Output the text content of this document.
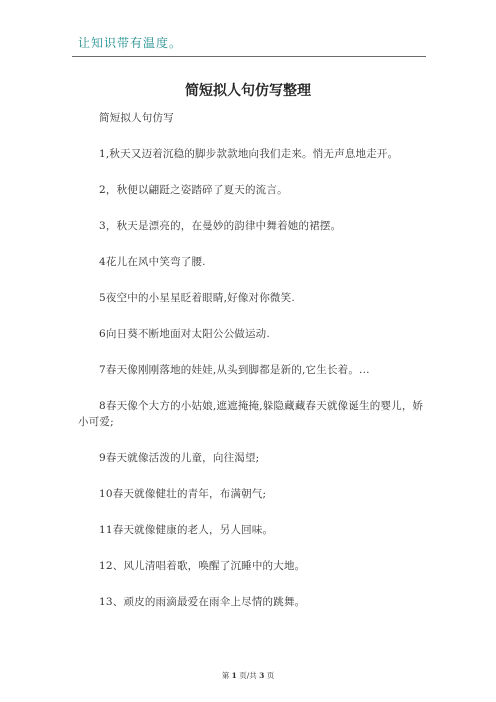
让知识带有温度。
简短拟人句仿写整理

简短拟人句仿写

1,秋天又迈着沉稳的脚步款款地向我们走来。悄无声息地走开。

2，秋便以翩跹之姿踏碎了夏天的流言。

3，秋天是漂亮的，在曼妙的韵律中舞着她的裙摆。

4花儿在风中笑弯了腰.

5夜空中的小星星眨着眼睛,好像对你微笑.

6向日葵不断地面对太阳公公做运动.

7春天像刚刚落地的娃娃,从头到脚都是新的,它生长着。...

8春天像个大方的小姑娘,遮遮掩掩,躲隐藏藏春天就像诞生的婴儿，娇小可爱;

9春天就像活泼的儿童，向往渴望;

10春天就像健壮的青年，布满朝气;

11春天就像健康的老人，另人回味。

12、风儿清唱着歌，唤醒了沉睡中的大地。

13、顽皮的雨滴最爱在雨伞上尽情的跳舞。

第 1 页/共 3 页
